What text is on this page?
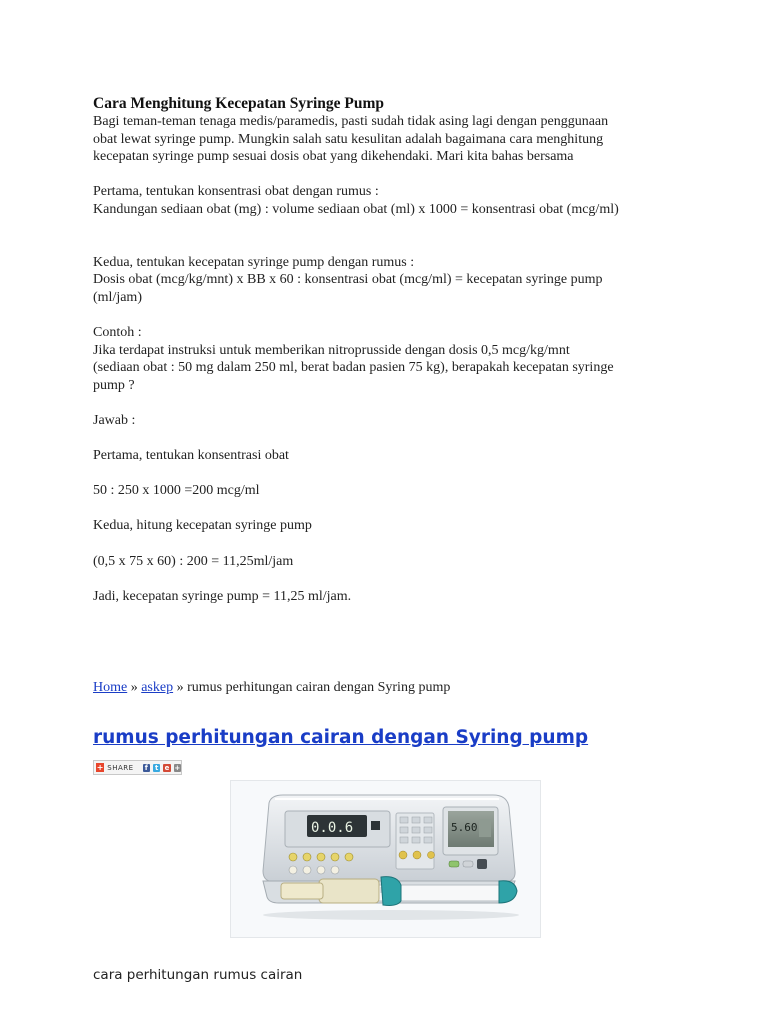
Cara Menghitung Kecepatan Syringe Pump

Bagi teman-teman tenaga medis/paramedis, pasti sudah tidak asing lagi dengan penggunaan

obat lewat syringe pump. Mungkin salah satu kesulitan adalah bagaimana cara menghitung

kecepatan syringe pump sesuai dosis obat yang dikehendaki. Mari kita bahas bersama

Pertama, tentukan konsentrasi obat dengan rumus :

Kandungan sediaan obat (mg) : volume sediaan obat (ml) x 1000 = konsentrasi obat (mcg/ml)

Kedua, tentukan kecepatan syringe pump dengan rumus :

Dosis obat (mcg/kg/mnt) x BB x 60 : konsentrasi obat (mcg/ml) = kecepatan syringe pump

(ml/jam)

Contoh :

Jika terdapat instruksi untuk memberikan nitroprusside dengan dosis 0,5 mcg/kg/mnt

(sediaan obat : 50 mg dalam 250 ml, berat badan pasien 75 kg), berapakah kecepatan syringe

pump ?

Jawab :

Pertama, tentukan konsentrasi obat

50 : 250 x 1000 =200 mcg/ml

Kedua, hitung kecepatan syringe pump

(0,5 x 75 x 60) : 200 = 11,25ml/jam

Jadi, kecepatan syringe pump = 11,25 ml/jam.

Home » askep » rumus perhitungan cairan dengan Syring pump
rumus perhitungan cairan dengan Syring pump
+ SHARE	f	t e +
0.0.6	5.60
cara perhitungan rumus cairan
